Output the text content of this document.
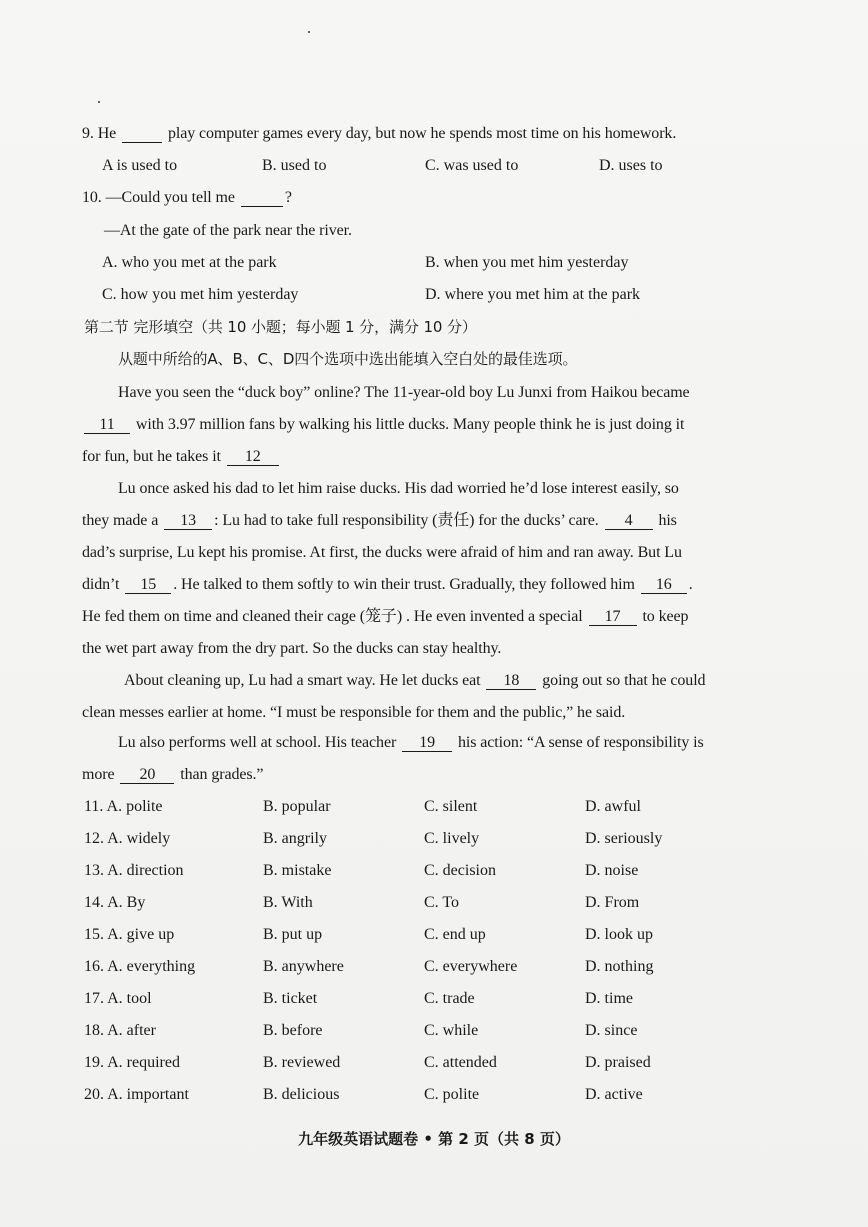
9. He	play computer games every day, but now he spends most time on his homework.
A is used to	B. used to	C. was used to	D. uses to
10. —Could you tell me	?
—At the gate of the park near the river.
A. who you met at the park	B. when you met him yesterday
C. how you met him yesterday	D. where you met him at the park
第二节 完形填空（共 10 小题；每小题 1 分，满分 10 分）
从题中所给的A、B、C、D四个选项中选出能填入空白处的最佳选项。
Have you seen the “duck boy” online? The 11-year-old boy Lu Junxi from Haikou became
11 with 3.97 million fans by walking his little ducks. Many people think he is just doing it
for fun, but he takes it 12
Lu once asked his dad to let him raise ducks. His dad worried he’d lose interest easily, so
they made a 13 : Lu had to take full responsibility (责任) for the ducks’ care. 4 his
dad’s surprise, Lu kept his promise. At first, the ducks were afraid of him and ran away. But Lu
didn’t 15 . He talked to them softly to win their trust. Gradually, they followed him 16 .
He fed them on time and cleaned their cage (笼子) . He even invented a special 17 to keep
the wet part away from the dry part. So the ducks can stay healthy.
About cleaning up, Lu had a smart way. He let ducks eat 18 going out so that he could
clean messes earlier at home. “I must be responsible for them and the public,” he said.
Lu also performs well at school. His teacher 19 his action: “A sense of responsibility is
more 20 than grades.”
11. A. polite	B. popular	C. silent	D. awful
12. A. widely	B. angrily	C. lively	D. seriously
13. A. direction	B. mistake	C. decision	D. noise
14. A. By	B. With	C. To	D. From
15. A. give up	B. put up	C. end up	D. look up
16. A. everything	B. anywhere	C. everywhere	D. nothing
17. A. tool	B. ticket	C. trade	D. time
18. A. after	B. before	C. while	D. since
19. A. required	B. reviewed	C. attended	D. praised
20. A. important	B. delicious	C. polite	D. active
九年级英语试题卷 • 第 2 页（共 8 页）
